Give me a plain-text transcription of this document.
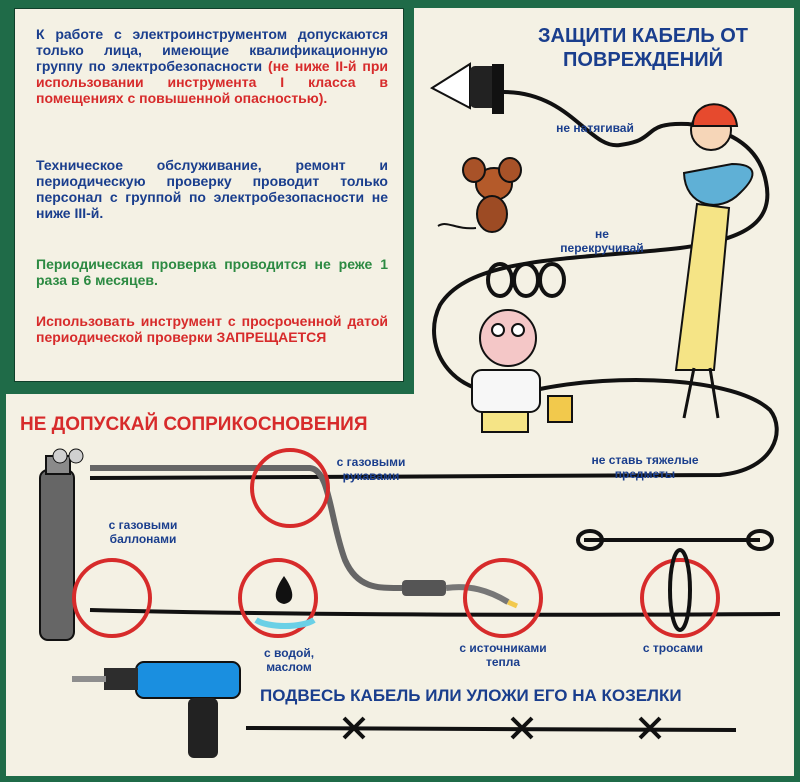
К работе с электроинструментом допускаются только лица, имеющие квалификационную группу по электробезопасности (не ниже II-й при использовании инструмента I класса в помещениях с повышенной опасностью).
Техническое обслуживание, ремонт и периодическую проверку проводит только персонал с группой по электробезопасности не ниже III-й.
Периодическая проверка проводится не реже 1 раза в 6 месяцев.
Использовать инструмент с просроченной датой периодической проверки ЗАПРЕЩАЕТСЯ
ЗАЩИТИ КАБЕЛЬ ОТ ПОВРЕЖДЕНИЙ
НЕ ДОПУСКАЙ СОПРИКОСНОВЕНИЯ
ПОДВЕСЬ КАБЕЛЬ ИЛИ УЛОЖИ ЕГО НА КОЗЕЛКИ
не натягивай
не перекручивай
не ставь тяжелые предметы
с газовыми рукавами
с газовыми баллонами
с водой, маслом
с источниками тепла
с тросами
